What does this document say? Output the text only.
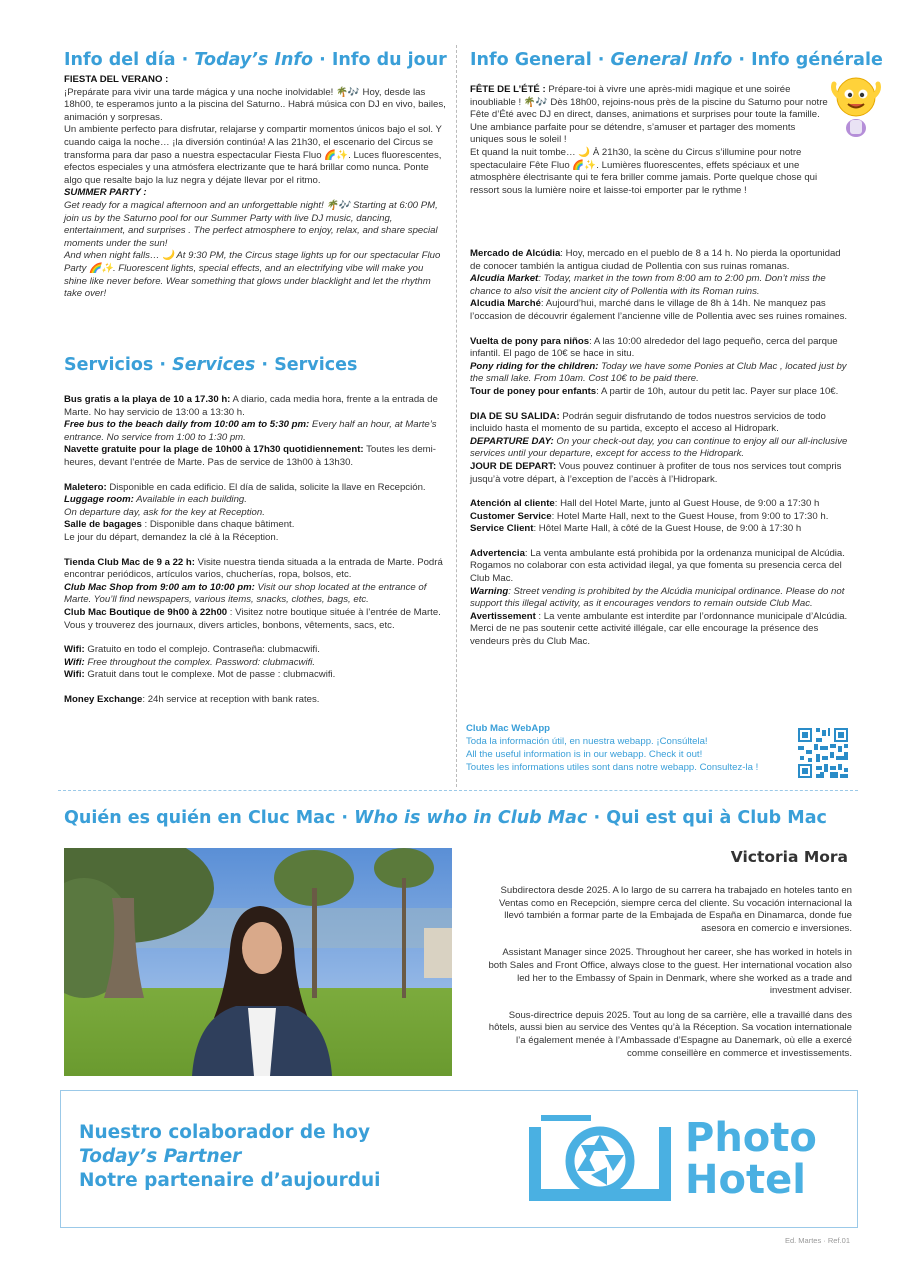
Info del día · Today’s Info · Info du jour

FIESTA DEL VERANO :

¡Prepárate para vivir una tarde mágica y una noche inolvidable! 🌴🎶 Hoy, desde las 18h00, te esperamos junto a la piscina del Saturno.. Habrá música con DJ en vivo, bailes, animación y sorpresas.

Un ambiente perfecto para disfrutar, relajarse y compartir momentos únicos bajo el sol. Y cuando caiga la noche… ¡la diversión continúa! A las 21h30, el escenario del Circus se transforma para dar paso a nuestra espectacular Fiesta Fluo 🌈✨. Luces fluorescentes, efectos especiales y una atmósfera electrizante que te hará brillar como nunca. Ponte algo que resalte bajo la luz negra y déjate llevar por el ritmo.

SUMMER PARTY :

Get ready for a magical afternoon and an unforgettable night! 🌴🎶 Starting at 6:00 PM, join us by the Saturno pool for our Summer Party with live DJ music, dancing, entertainment, and surprises . The perfect atmosphere to enjoy, relax, and share special moments under the sun!

And when night falls… 🌙 At 9:30 PM, the Circus stage lights up for our spectacular Fluo Party 🌈✨. Fluorescent lights, special effects, and an electrifying vibe will make you shine like never before. Wear something that glows under blacklight and let the rhythm take over!

Servicios · Services · Services

Bus gratis a la playa de 10 a 17.30 h: A diario, cada media hora, frente a la entrada de Marte. No hay servicio de 13:00 a 13:30 h.

Free bus to the beach daily from 10:00 am to 5:30 pm: Every half an hour, at Marte’s entrance. No service from 1:00 to 1:30 pm.

Navette gratuite pour la plage de 10h00 à 17h30 quotidiennement: Toutes les demi-heures, devant l’entrée de Marte. Pas de service de 13h00 à 13h30.

Maletero: Disponible en cada edificio. El día de salida, solicite la llave en Recepción.

Luggage room: Available in each building.

On departure day, ask for the key at Reception.

Salle de bagages : Disponible dans chaque bâtiment.

Le jour du départ, demandez la clé à la Réception.

Tienda Club Mac de 9 a 22 h: Visite nuestra tienda situada a la entrada de Marte. Podrá encontrar periódicos, artículos varios, chucherías, ropa, bolsos, etc.

Club Mac Shop from 9:00 am to 10:00 pm: Visit our shop located at the entrance of Marte. You’ll find newspapers, various items, snacks, clothes, bags, etc.

Club Mac Boutique de 9h00 à 22h00 : Visitez notre boutique située à l’entrée de Marte. Vous y trouverez des journaux, divers articles, bonbons, vêtements, sacs, etc.

Wifi: Gratuito en todo el complejo. Contraseña: clubmacwifi.

Wifi: Free throughout the complex. Password: clubmacwifi.

Wifi: Gratuit dans tout le complexe. Mot de passe : clubmacwifi.

Money Exchange: 24h service at reception with bank rates.

Info General · General Info · Info générale

FÊTE DE L’ÉTÉ : Prépare-toi à vivre une après-midi magique et une soirée inoubliable ! 🌴🎶 Dès 18h00, rejoins-nous près de la piscine du Saturno pour notre Fête d’Été avec DJ en direct, danses, animations et surprises pour toute la famille. Une ambiance parfaite pour se détendre, s’amuser et partager des moments uniques sous le soleil !

Et quand la nuit tombe… 🌙 À 21h30, la scène du Circus s’illumine pour notre spectaculaire Fête Fluo 🌈✨. Lumières fluorescentes, effets spéciaux et une atmosphère électrisante qui te fera briller comme jamais. Porte quelque chose qui ressort sous la lumière noire et laisse-toi emporter par le rythme !

Mercado de Alcúdia: Hoy, mercado en el pueblo de 8 a 14 h. No pierda la oportunidad de conocer también la antigua ciudad de Pollentia con sus ruinas romanas.

Alcudia Market: Today, market in the town from 8:00 am to 2:00 pm. Don’t miss the chance to also visit the ancient city of Pollentia with its Roman ruins.

Alcudia Marché: Aujourd’hui, marché dans le village de 8h à 14h. Ne manquez pas l’occasion de découvrir également l’ancienne ville de Pollentia avec ses ruines romaines.

Vuelta de pony para niños: A las 10:00 alrededor del lago pequeño, cerca del parque infantil. El pago de 10€ se hace in situ.

Pony riding for the children: Today we have some Ponies at Club Mac , located just by the small lake. From 10am. Cost 10€ to be paid there.

Tour de poney pour enfants: A partir de 10h, autour du petit lac. Payer sur place 10€.

DIA DE SU SALIDA: Podrán seguir disfrutando de todos nuestros servicios de todo incluido hasta el momento de su partida, excepto el acceso al Hidropark.

DEPARTURE DAY: On your check-out day, you can continue to enjoy all our all-inclusive services until your departure, except for access to the Hidropark.

JOUR DE DEPART: Vous pouvez continuer à profiter de tous nos services tout compris jusqu’à votre départ, à l’exception de l’accès à l’Hidropark.

Atención al cliente: Hall del Hotel Marte, junto al Guest House, de 9:00 a 17:30 h

Customer Service: Hotel Marte Hall, next to the Guest House, from 9:00 to 17:30 h.

Service Client: Hôtel Marte Hall, à côté de la Guest House, de 9:00 à 17:30 h

Advertencia: La venta ambulante está prohibida por la ordenanza municipal de Alcúdia. Rogamos no colaborar con esta actividad ilegal, ya que fomenta su presencia cerca del Club Mac.

Warning: Street vending is prohibited by the Alcúdia municipal ordinance. Please do not support this illegal activity, as it encourages vendors to remain outside Club Mac.

Avertissement : La vente ambulante est interdite par l’ordonnance municipale d’Alcúdia. Merci de ne pas soutenir cette activité illégale, car elle encourage la présence des vendeurs près du Club Mac.

Club Mac WebApp

Toda la información útil, en nuestra webapp. ¡Consúltela!

All the useful information is in our webapp. Check it out!

Toutes les informations utiles sont dans notre webapp. Consultez-la !

Quién es quién en Cluc Mac · Who is who in Club Mac · Qui est qui à Club Mac
Victoria Mora

Subdirectora desde 2025. A lo largo de su carrera ha trabajado en hoteles tanto en Ventas como en Recepción, siempre cerca del cliente. Su vocación internacional la llevó también a formar parte de la Embajada de España en Dinamarca, donde fue asesora en comercio e inversiones.

Assistant Manager since 2025. Throughout her career, she has worked in hotels in both Sales and Front Office, always close to the guest. Her international vocation also led her to the Embassy of Spain in Denmark, where she worked as a trade and investment adviser.

Sous-directrice depuis 2025. Tout au long de sa carrière, elle a travaillé dans des hôtels, aussi bien au service des Ventes qu’à la Réception. Sa vocation internationale l’a également menée à l’Ambassade d’Espagne au Danemark, où elle a exercé comme conseillère en commerce et investissements.

Nuestro colaborador de hoy

Today’s Partner

Notre partenaire d’aujourdui

Photo

Hotel

Ed. Martes · Ref.01
